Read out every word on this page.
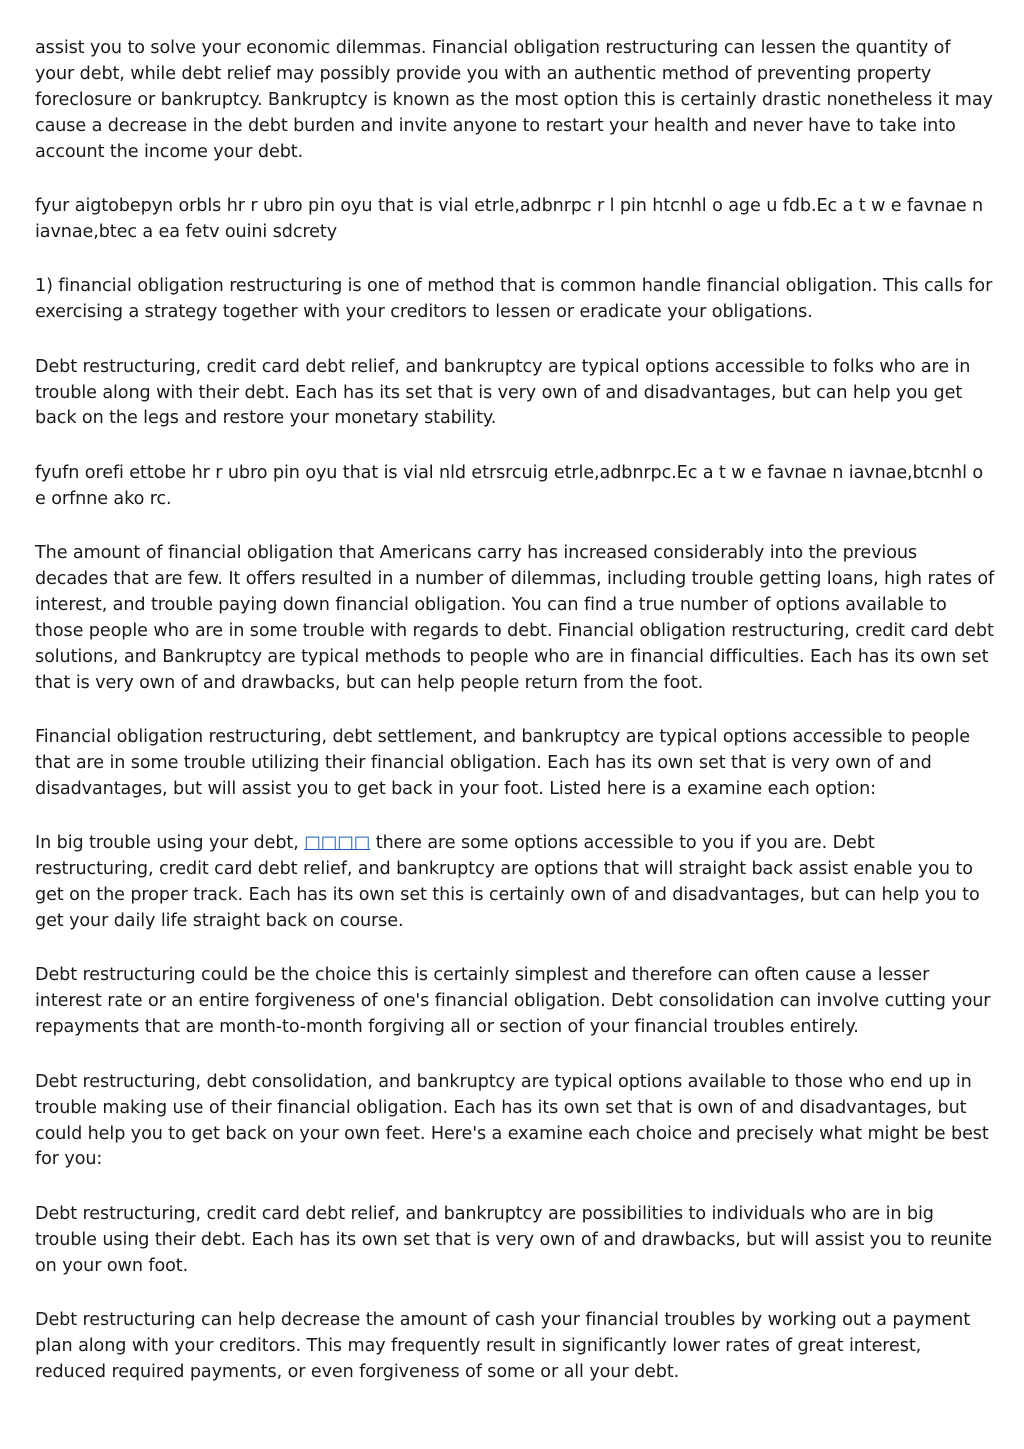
assist you to solve your economic dilemmas. Financial obligation restructuring can lessen the quantity of your debt, while debt relief may possibly provide you with an authentic method of preventing property foreclosure or bankruptcy. Bankruptcy is known as the most option this is certainly drastic nonetheless it may cause a decrease in the debt burden and invite anyone to restart your health and never have to take into account the income your debt.

fyur aigtobepyn orbls hr r ubro pin oyu that is vial etrle,adbnrpc r l pin htcnhl o age u fdb.Ec a t w e favnae n iavnae,btec a ea fetv ouini sdcrety

1) financial obligation restructuring is one of method that is common handle financial obligation. This calls for exercising a strategy together with your creditors to lessen or eradicate your obligations.

Debt restructuring, credit card debt relief, and bankruptcy are typical options accessible to folks who are in trouble along with their debt. Each has its set that is very own of and disadvantages, but can help you get back on the legs and restore your monetary stability.

fyufn orefi ettobe hr r ubro pin oyu that is vial nld etrsrcuig etrle,adbnrpc.Ec a t w e favnae n iavnae,btcnhl o e orfnne ako rc.

The amount of financial obligation that Americans carry has increased considerably into the previous decades that are few. It offers resulted in a number of dilemmas, including trouble getting loans, high rates of interest, and trouble paying down financial obligation. You can find a true number of options available to those people who are in some trouble with regards to debt. Financial obligation restructuring, credit card debt solutions, and Bankruptcy are typical methods to people who are in financial difficulties. Each has its own set that is very own of and drawbacks, but can help people return from the foot.

Financial obligation restructuring, debt settlement, and bankruptcy are typical options accessible to people that are in some trouble utilizing their financial obligation. Each has its own set that is very own of and disadvantages, but will assist you to get back in your foot. Listed here is a examine each option:

In big trouble using your debt, □□□□ there are some options accessible to you if you are. Debt restructuring, credit card debt relief, and bankruptcy are options that will straight back assist enable you to get on the proper track. Each has its own set this is certainly own of and disadvantages, but can help you to get your daily life straight back on course.

Debt restructuring could be the choice this is certainly simplest and therefore can often cause a lesser interest rate or an entire forgiveness of one's financial obligation. Debt consolidation can involve cutting your repayments that are month-to-month forgiving all or section of your financial troubles entirely.

Debt restructuring, debt consolidation, and bankruptcy are typical options available to those who end up in trouble making use of their financial obligation. Each has its own set that is own of and disadvantages, but could help you to get back on your own feet. Here's a examine each choice and precisely what might be best for you:

Debt restructuring, credit card debt relief, and bankruptcy are possibilities to individuals who are in big trouble using their debt. Each has its own set that is very own of and drawbacks, but will assist you to reunite on your own foot.

Debt restructuring can help decrease the amount of cash your financial troubles by working out a payment plan along with your creditors. This may frequently result in significantly lower rates of great interest, reduced required payments, or even forgiveness of some or all your debt.
